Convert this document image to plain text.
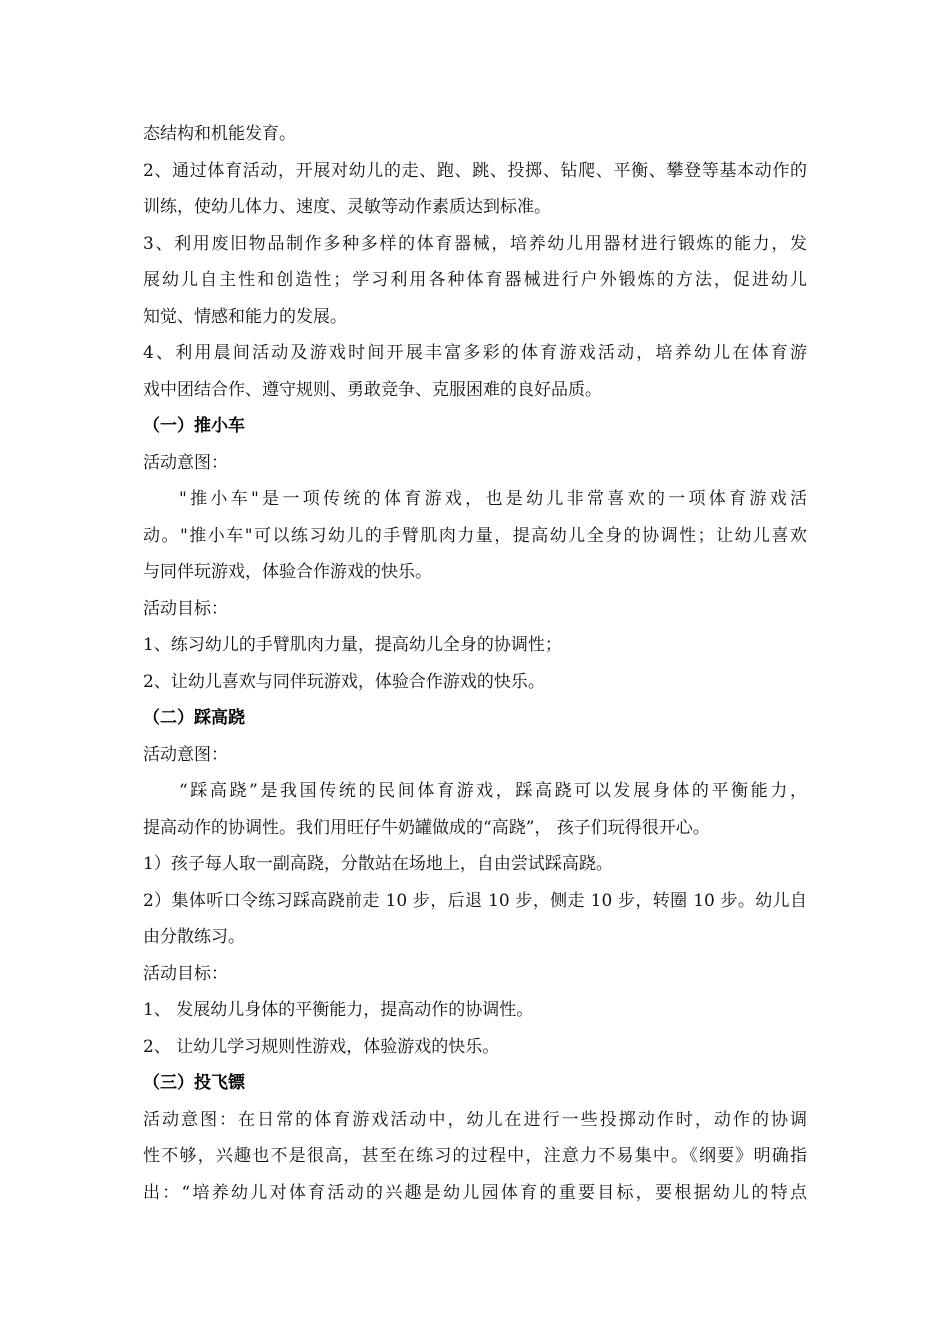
态结构和机能发育。
2、通过体育活动，开展对幼儿的走、跑、跳、投掷、钻爬、平衡、攀登等基本动作的
训练，使幼儿体力、速度、灵敏等动作素质达到标准。
3、利用废旧物品制作多种多样的体育器械，培养幼儿用器材进行锻炼的能力，发
展幼儿自主性和创造性；学习利用各种体育器械进行户外锻炼的方法，促进幼儿
知觉、情感和能力的发展。
4、利用晨间活动及游戏时间开展丰富多彩的体育游戏活动，培养幼儿在体育游
戏中团结合作、遵守规则、勇敢竞争、克服困难的良好品质。
（一）推小车
活动意图：
"推小车"是一项传统的体育游戏，也是幼儿非常喜欢的一项体育游戏活
动。"推小车"可以练习幼儿的手臂肌肉力量，提高幼儿全身的协调性；让幼儿喜欢
与同伴玩游戏，体验合作游戏的快乐。
活动目标：
1、练习幼儿的手臂肌肉力量，提高幼儿全身的协调性；
2、让幼儿喜欢与同伴玩游戏，体验合作游戏的快乐。
（二）踩高跷
活动意图：
“踩高跷”是我国传统的民间体育游戏，踩高跷可以发展身体的平衡能力，
提高动作的协调性。我们用旺仔牛奶罐做成的“高跷”， 孩子们玩得很开心。
1）孩子每人取一副高跷，分散站在场地上，自由尝试踩高跷。
2）集体听口令练习踩高跷前走 10 步，后退 10 步，侧走 10 步，转圈 10 步。幼儿自
由分散练习。
活动目标：
1、 发展幼儿身体的平衡能力，提高动作的协调性。
2、 让幼儿学习规则性游戏，体验游戏的快乐。
（三）投飞镖
活动意图：在日常的体育游戏活动中，幼儿在进行一些投掷动作时，动作的协调
性不够，兴趣也不是很高，甚至在练习的过程中，注意力不易集中。《纲要》明确指
出：“培养幼儿对体育活动的兴趣是幼儿园体育的重要目标，要根据幼儿的特点
